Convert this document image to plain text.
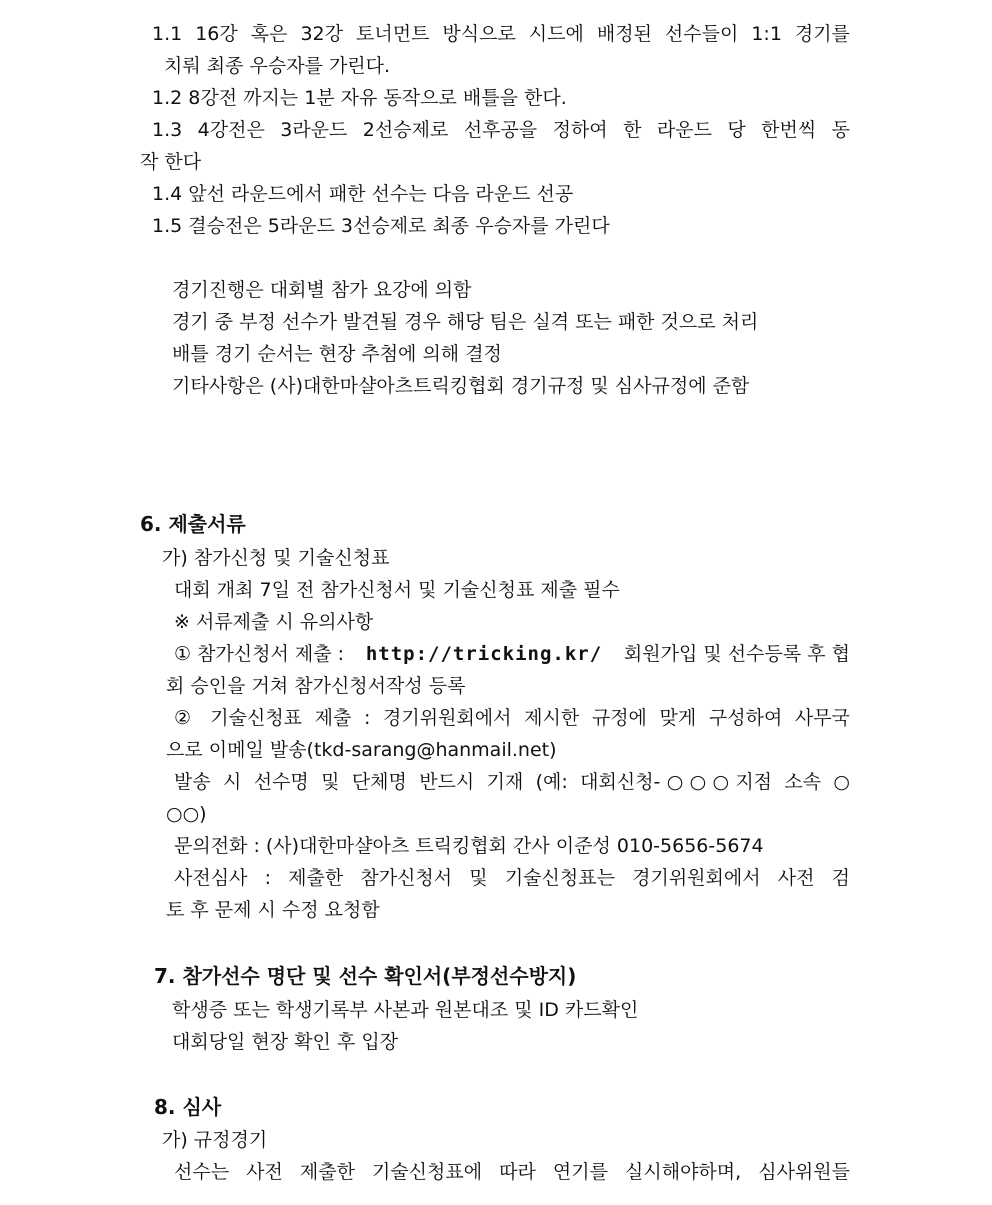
1.1 16강 혹은 32강 토너먼트 방식으로 시드에 배정된 선수들이 1:1 경기를
치뤄 최종 우승자를 가린다.
1.2 8강전 까지는 1분 자유 동작으로 배틀을 한다.
1.3 4강전은 3라운드 2선승제로 선후공을 정하여 한 라운드 당 한번씩 동
작 한다
1.4 앞선 라운드에서 패한 선수는 다음 라운드 선공
1.5 결승전은 5라운드 3선승제로 최종 우승자를 가린다
경기진행은 대회별 참가 요강에 의함
경기 중 부정 선수가 발견될 경우 해당 팀은 실격 또는 패한 것으로 처리
배틀 경기 순서는 현장 추첨에 의해 결정
기타사항은 (사)대한마샬아츠트릭킹협회 경기규정 및 심사규정에 준함
6. 제출서류
가) 참가신청 및 기술신청표
대회 개최 7일 전 참가신청서 및 기술신청표 제출 필수
※ 서류제출 시 유의사항
① 참가신청서 제출 : http://tricking.kr/ 회원가입 및 선수등록 후 협
회 승인을 거쳐 참가신청서작성 등록
② 기술신청표 제출 : 경기위원회에서 제시한 규정에 맞게 구성하여 사무국
으로 이메일 발송(tkd-sarang@hanmail.net)
발송 시 선수명 및 단체명 반드시 기재 (예: 대회신청-○○○지점 소속 ○
○○)
문의전화 : (사)대한마샬아츠 트릭킹협회 간사 이준성 010-5656-5674
사전심사 : 제출한 참가신청서 및 기술신청표는 경기위원회에서 사전 검
토 후 문제 시 수정 요청함
7. 참가선수 명단 및 선수 확인서(부정선수방지)
학생증 또는 학생기록부 사본과 원본대조 및 ID 카드확인
대회당일 현장 확인 후 입장
8. 심사
가) 규정경기
선수는 사전 제출한 기술신청표에 따라 연기를 실시해야하며, 심사위원들
